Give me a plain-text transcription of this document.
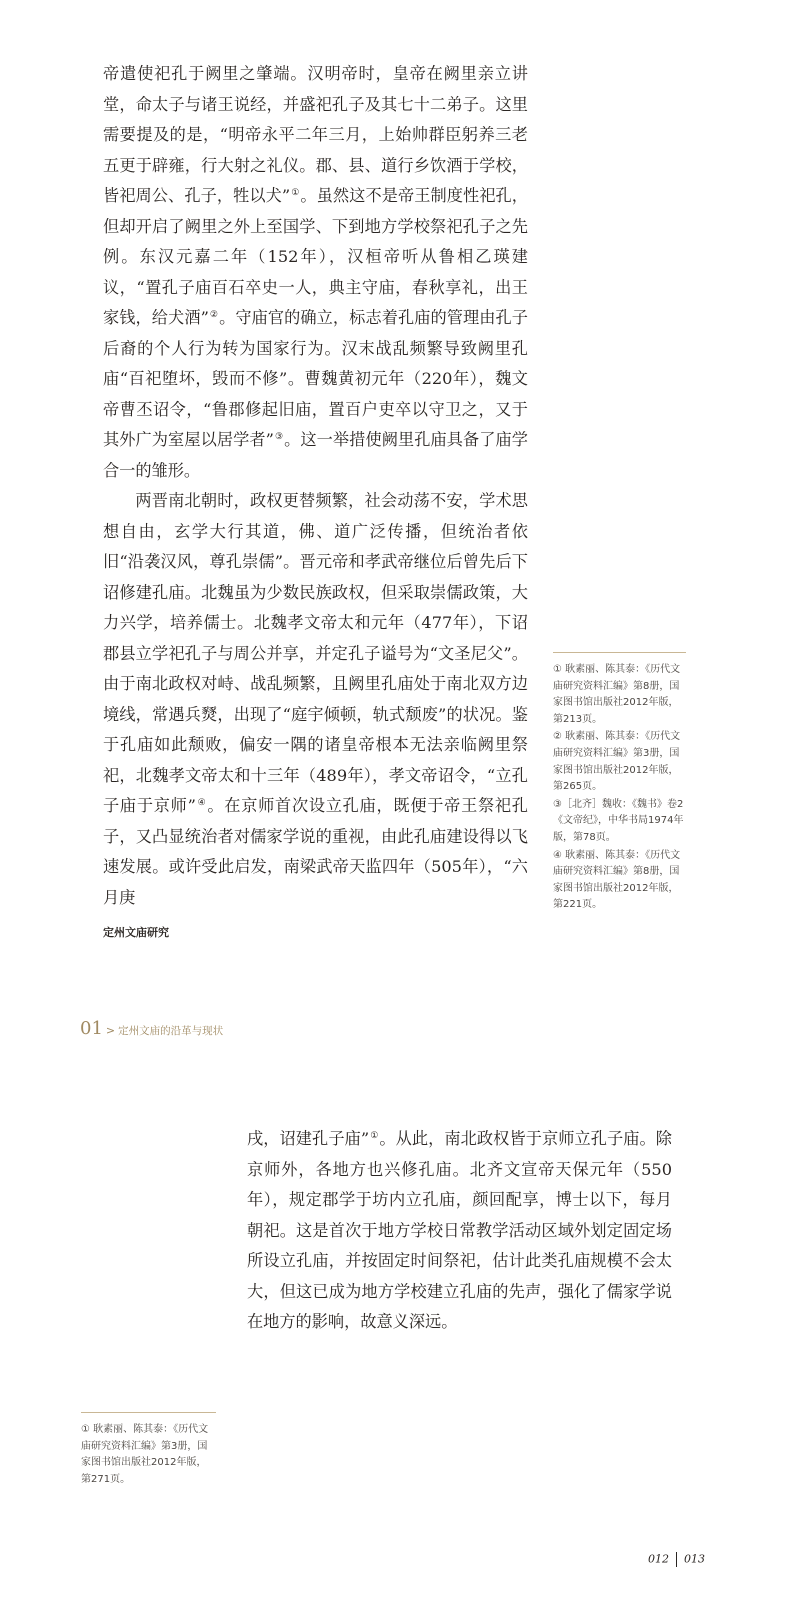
帝遣使祀孔于阙里之肇端。汉明帝时，皇帝在阙里亲立讲堂，命太子与诸王说经，并盛祀孔子及其七十二弟子。这里需要提及的是，“明帝永平二年三月，上始帅群臣躬养三老五更于辟雍，行大射之礼仪。郡、县、道行乡饮酒于学校，皆祀周公、孔子，牲以犬”①。虽然这不是帝王制度性祀孔，但却开启了阙里之外上至国学、下到地方学校祭祀孔子之先例。东汉元嘉二年（152年），汉桓帝听从鲁相乙瑛建议，“置孔子庙百石卒史一人，典主守庙，春秋享礼，出王家钱，给犬酒”②。守庙官的确立，标志着孔庙的管理由孔子后裔的个人行为转为国家行为。汉末战乱频繁导致阙里孔庙“百祀堕坏，毁而不修”。曹魏黄初元年（220年），魏文帝曹丕诏令，“鲁郡修起旧庙，置百户吏卒以守卫之，又于其外广为室屋以居学者”③。这一举措使阙里孔庙具备了庙学合一的雏形。

两晋南北朝时，政权更替频繁，社会动荡不安，学术思想自由，玄学大行其道，佛、道广泛传播，但统治者依旧“沿袭汉风，尊孔崇儒”。晋元帝和孝武帝继位后曾先后下诏修建孔庙。北魏虽为少数民族政权，但采取崇儒政策，大力兴学，培养儒士。北魏孝文帝太和元年（477年），下诏郡县立学祀孔子与周公并享，并定孔子谥号为“文圣尼父”。由于南北政权对峙、战乱频繁，且阙里孔庙处于南北双方边境线，常遇兵燹，出现了“庭宇倾顿，轨式颓废”的状况。鉴于孔庙如此颓败，偏安一隅的诸皇帝根本无法亲临阙里祭祀，北魏孝文帝太和十三年（489年），孝文帝诏令，“立孔子庙于京师”④。在京师首次设立孔庙，既便于帝王祭祀孔子，又凸显统治者对儒家学说的重视，由此孔庙建设得以飞速发展。或许受此启发，南梁武帝天监四年（505年），“六月庚

① 耿素丽、陈其泰：《历代文庙研究资料汇编》第8册，国家图书馆出版社2012年版，第213页。

② 耿素丽、陈其泰：《历代文庙研究资料汇编》第3册，国家图书馆出版社2012年版，第265页。

③［北齐］魏收：《魏书》卷2《文帝纪》，中华书局1974年版，第78页。

④ 耿素丽、陈其泰：《历代文庙研究资料汇编》第8册，国家图书馆出版社2012年版，第221页。

定州文庙研究
01 > 定州文庙的沿革与现状

戌，诏建孔子庙”①。从此，南北政权皆于京师立孔子庙。除京师外，各地方也兴修孔庙。北齐文宣帝天保元年（550年），规定郡学于坊内立孔庙，颜回配享，博士以下，每月朝祀。这是首次于地方学校日常教学活动区域外划定固定场所设立孔庙，并按固定时间祭祀，估计此类孔庙规模不会太大，但这已成为地方学校建立孔庙的先声，强化了儒家学说在地方的影响，故意义深远。

① 耿素丽、陈其泰：《历代文庙研究资料汇编》第3册，国家图书馆出版社2012年版，第271页。

012 013
